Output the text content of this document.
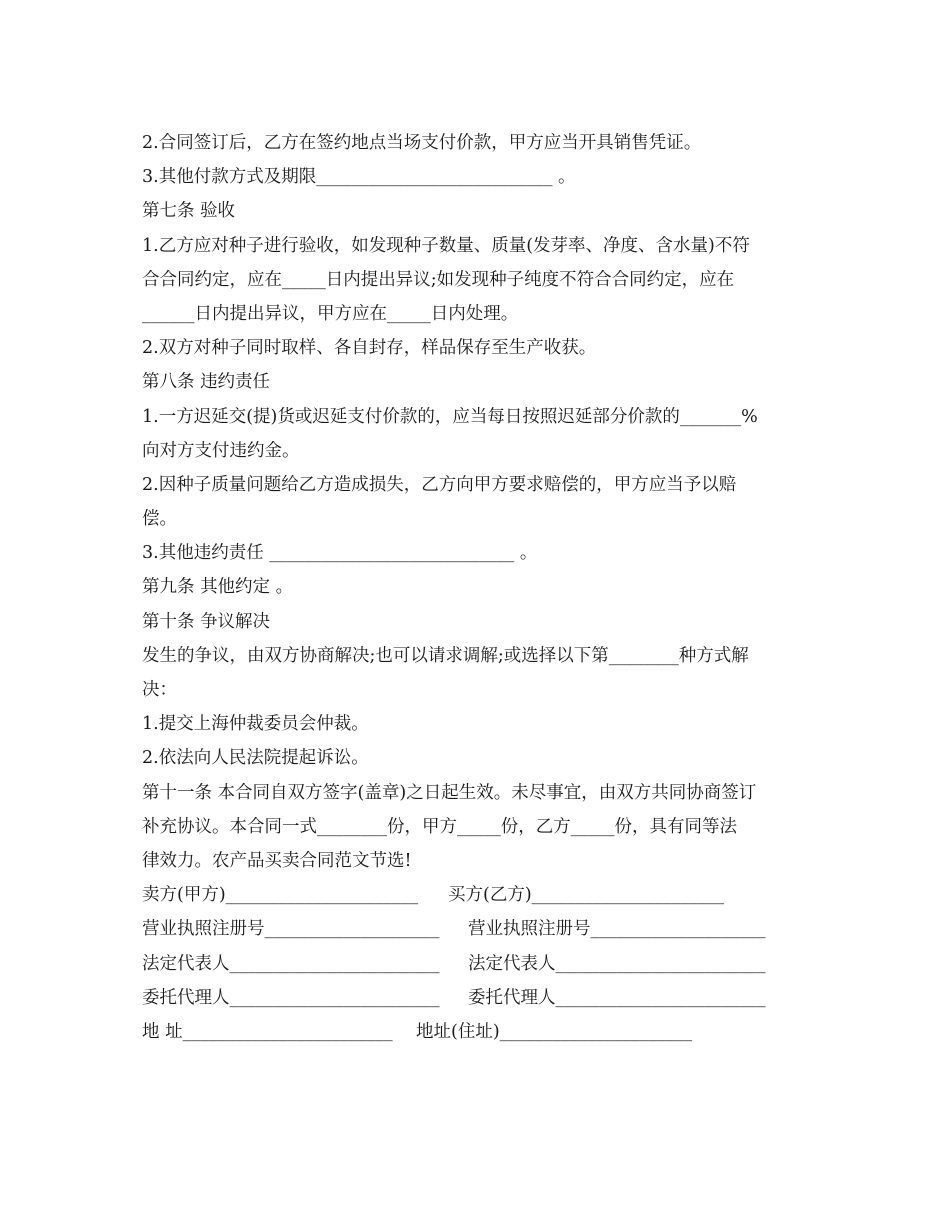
2.合同签订后，乙方在签约地点当场支付价款，甲方应当开具销售凭证。
3.其他付款方式及期限___________________________ 。
第七条 验收
1.乙方应对种子进行验收，如发现种子数量、质量(发芽率、净度、含水量)不符
合合同约定，应在_____日内提出异议;如发现种子纯度不符合合同约定，应在
______日内提出异议，甲方应在_____日内处理。
2.双方对种子同时取样、各自封存，样品保存至生产收获。
第八条 违约责任
1.一方迟延交(提)货或迟延支付价款的，应当每日按照迟延部分价款的_______%
向对方支付违约金。
2.因种子质量问题给乙方造成损失，乙方向甲方要求赔偿的，甲方应当予以赔
偿。
3.其他违约责任 ____________________________ 。
第九条 其他约定 。
第十条 争议解决
发生的争议，由双方协商解决;也可以请求调解;或选择以下第________种方式解
决：
1.提交上海仲裁委员会仲裁。
2.依法向人民法院提起诉讼。
第十一条 本合同自双方签字(盖章)之日起生效。未尽事宜，由双方共同协商签订
补充协议。本合同一式________份，甲方_____份，乙方_____份，具有同等法
律效力。农产品买卖合同范文节选!

卖方(甲方)______________________

买方(乙方)______________________

营业执照注册号____________________

营业执照注册号____________________

法定代表人________________________

法定代表人________________________

委托代理人________________________

委托代理人________________________

地 址________________________

地址(住址)______________________
